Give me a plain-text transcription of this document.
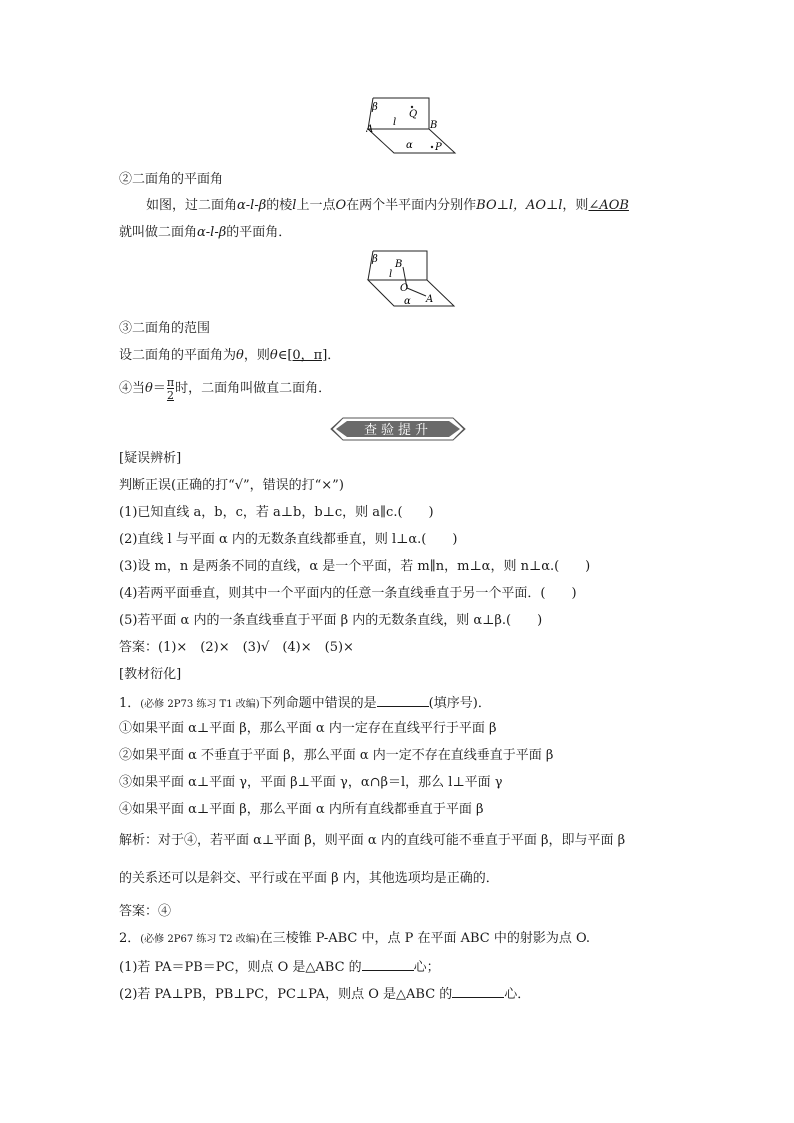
β
Q
A
l	B
α P
②二面角的平面角
如图，过二面角α-l-β的棱l上一点O在两个半平面内分别作BO⊥l，AO⊥l，则∠AOB
就叫做二面角α-l-β的平面角．
β B
l
O
A
α
③二面角的范围
设二面角的平面角为θ，则θ∈[0，π]．
④当$\theta= \frac{\pi}{2}$ 时，二面角叫做直二面角．
查验提升
[疑误辨析]
判断正误(正确的打“√”，错误的打“×”)
(1)已知直线 a，b，c，若 a⊥b，b⊥c，则 a∥c.(　　)
(2)直线 l 与平面 α 内的无数条直线都垂直，则 l⊥α.(　　)
(3)设 m，n 是两条不同的直线，α 是一个平面，若 m∥n，m⊥α，则 n⊥α.(　　)
(4)若两平面垂直，则其中一个平面内的任意一条直线垂直于另一个平面．(　　)
(5)若平面 α 内的一条直线垂直于平面 β 内的无数条直线，则 α⊥β.(　　)
答案：(1)×　(2)×　(3)√　(4)×　(5)×
[教材衍化]
1．(必修 2P73 练习 T1 改编)下列命题中错误的是	(填序号)．
①如果平面 α⊥平面 β，那么平面 α 内一定存在直线平行于平面 β
②如果平面 α 不垂直于平面 β，那么平面 α 内一定不存在直线垂直于平面 β
③如果平面 α⊥平面 γ，平面 β⊥平面 γ，α∩β＝l，那么 l⊥平面 γ
④如果平面 α⊥平面 β，那么平面 α 内所有直线都垂直于平面 β
解析：对于④，若平面 α⊥平面 β，则平面 α 内的直线可能不垂直于平面 β，即与平面 β
的关系还可以是斜交、平行或在平面 β 内，其他选项均是正确的．
答案：④
2．(必修 2P67 练习 T2 改编)在三棱锥 P-ABC 中，点 P 在平面 ABC 中的射影为点 O.
(1)若 PA＝PB＝PC，则点 O 是△ABC 的	心；
(2)若 PA⊥PB，PB⊥PC，PC⊥PA，则点 O 是△ABC 的	心．
